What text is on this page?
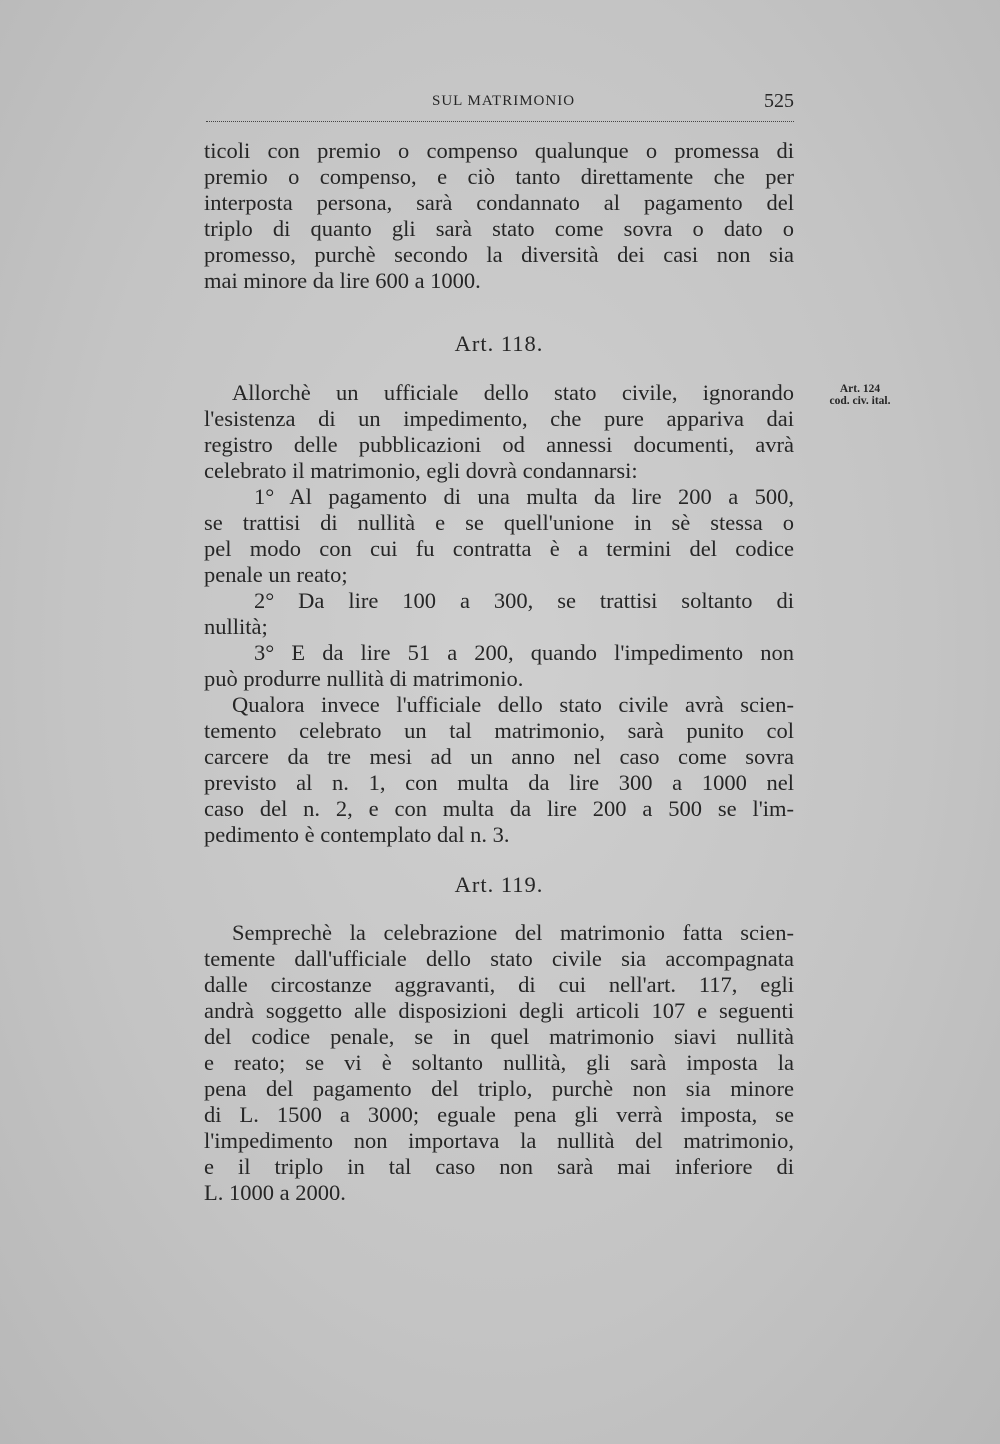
SUL MATRIMONIO	525
ticoli con premio o compenso qualunque o promessa di
premio o compenso, e ciò tanto direttamente che per
interposta persona, sarà condannato al pagamento del
triplo di quanto gli sarà stato come sovra o dato o
promesso, purchè secondo la diversità dei casi non sia
mai minore da lire 600 a 1000.
Art. 118.
Art. 124
cod. civ. ital.
Allorchè un ufficiale dello stato civile, ignorando
l'esistenza di un impedimento, che pure appariva dai
registro delle pubblicazioni od annessi documenti, avrà
celebrato il matrimonio, egli dovrà condannarsi:
1° Al pagamento di una multa da lire 200 a 500,
se trattisi di nullità e se quell'unione in sè stessa o
pel modo con cui fu contratta è a termini del codice
penale un reato;
2° Da lire 100 a 300, se trattisi soltanto di
nullità;
3° E da lire 51 a 200, quando l'impedimento non
può produrre nullità di matrimonio.
Qualora invece l'ufficiale dello stato civile avrà scien-
temento celebrato un tal matrimonio, sarà punito col
carcere da tre mesi ad un anno nel caso come sovra
previsto al n. 1, con multa da lire 300 a 1000 nel
caso del n. 2, e con multa da lire 200 a 500 se l'im-
pedimento è contemplato dal n. 3.
Art. 119.
Semprechè la celebrazione del matrimonio fatta scien-
temente dall'ufficiale dello stato civile sia accompagnata
dalle circostanze aggravanti, di cui nell'art. 117, egli
andrà soggetto alle disposizioni degli articoli 107 e seguenti
del codice penale, se in quel matrimonio siavi nullità
e reato; se vi è soltanto nullità, gli sarà imposta la
pena del pagamento del triplo, purchè non sia minore
di L. 1500 a 3000; eguale pena gli verrà imposta, se
l'impedimento non importava la nullità del matrimonio,
e il triplo in tal caso non sarà mai inferiore di
L. 1000 a 2000.
